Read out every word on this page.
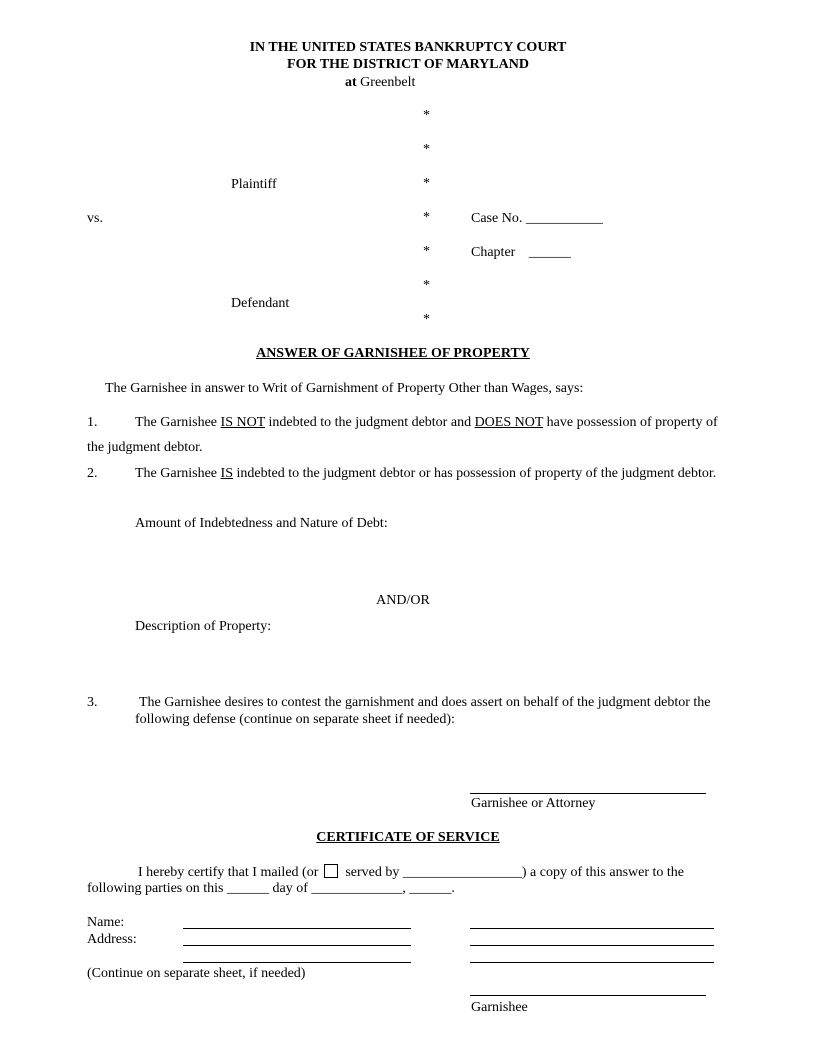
IN THE UNITED STATES BANKRUPTCY COURT
FOR THE DISTRICT OF MARYLAND
at Greenbelt
*
*
*
*
*
*
*
Plaintiff
vs.
Defendant
Case No. ___________
Chapter ______
ANSWER OF GARNISHEE OF PROPERTY
The Garnishee in answer to Writ of Garnishment of Property Other than Wages, says:
1.	The Garnishee IS NOT indebted to the judgment debtor and DOES NOT have possession of property of
the judgment debtor.
2.	The Garnishee IS indebted to the judgment debtor or has possession of property of the judgment debtor.
Amount of Indebtedness and Nature of Debt:
AND/OR
Description of Property:
3.	The Garnishee desires to contest the garnishment and does assert on behalf of the judgment debtor the
following defense (continue on separate sheet if needed):
Garnishee or Attorney
CERTIFICATE OF SERVICE
I hereby certify that I mailed (or served by _________________) a copy of this answer to the
following parties on this ______ day of _____________, ______.
Name:
Address:
(Continue on separate sheet, if needed)
Garnishee
